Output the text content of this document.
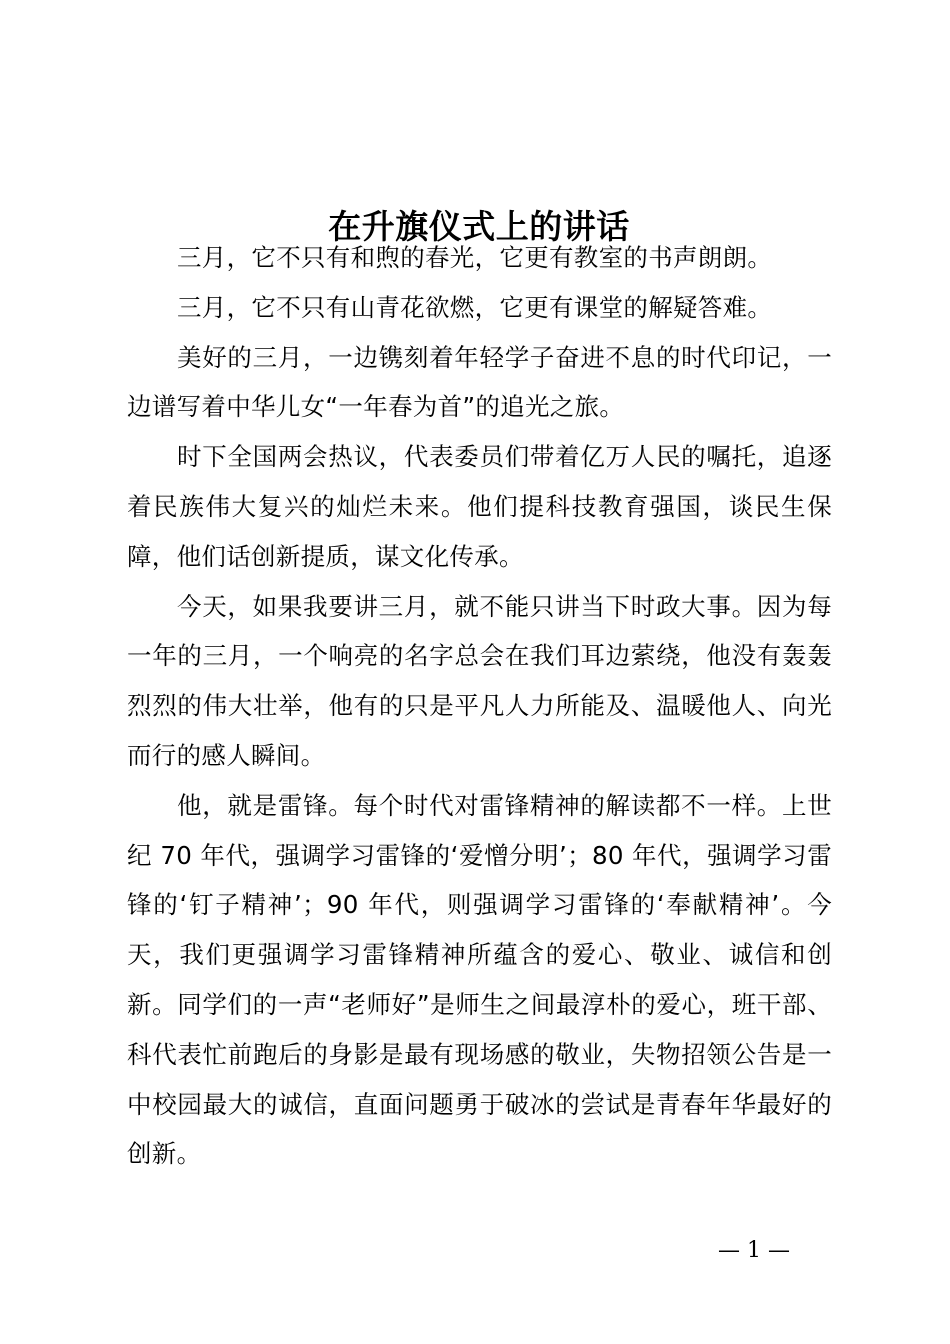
在升旗仪式上的讲话

三月，它不只有和煦的春光，它更有教室的书声朗朗。

三月，它不只有山青花欲燃，它更有课堂的解疑答难。

美好的三月，一边镌刻着年轻学子奋进不息的时代印记，一边谱写着中华儿女“一年春为首”的追光之旅。

时下全国两会热议，代表委员们带着亿万人民的嘱托，追逐着民族伟大复兴的灿烂未来。他们提科技教育强国，谈民生保障，他们话创新提质，谋文化传承。

今天，如果我要讲三月，就不能只讲当下时政大事。因为每一年的三月，一个响亮的名字总会在我们耳边萦绕，他没有轰轰烈烈的伟大壮举，他有的只是平凡人力所能及、温暖他人、向光而行的感人瞬间。

他，就是雷锋。每个时代对雷锋精神的解读都不一样。上世纪 70 年代，强调学习雷锋的‘爱憎分明’；80 年代，强调学习雷锋的‘钉子精神’；90 年代，则强调学习雷锋的‘奉献精神’。今天，我们更强调学习雷锋精神所蕴含的爱心、敬业、诚信和创新。同学们的一声“老师好”是师生之间最淳朴的爱心，班干部、科代表忙前跑后的身影是最有现场感的敬业，失物招领公告是一中校园最大的诚信，直面问题勇于破冰的尝试是青春年华最好的创新。

— 1 —
